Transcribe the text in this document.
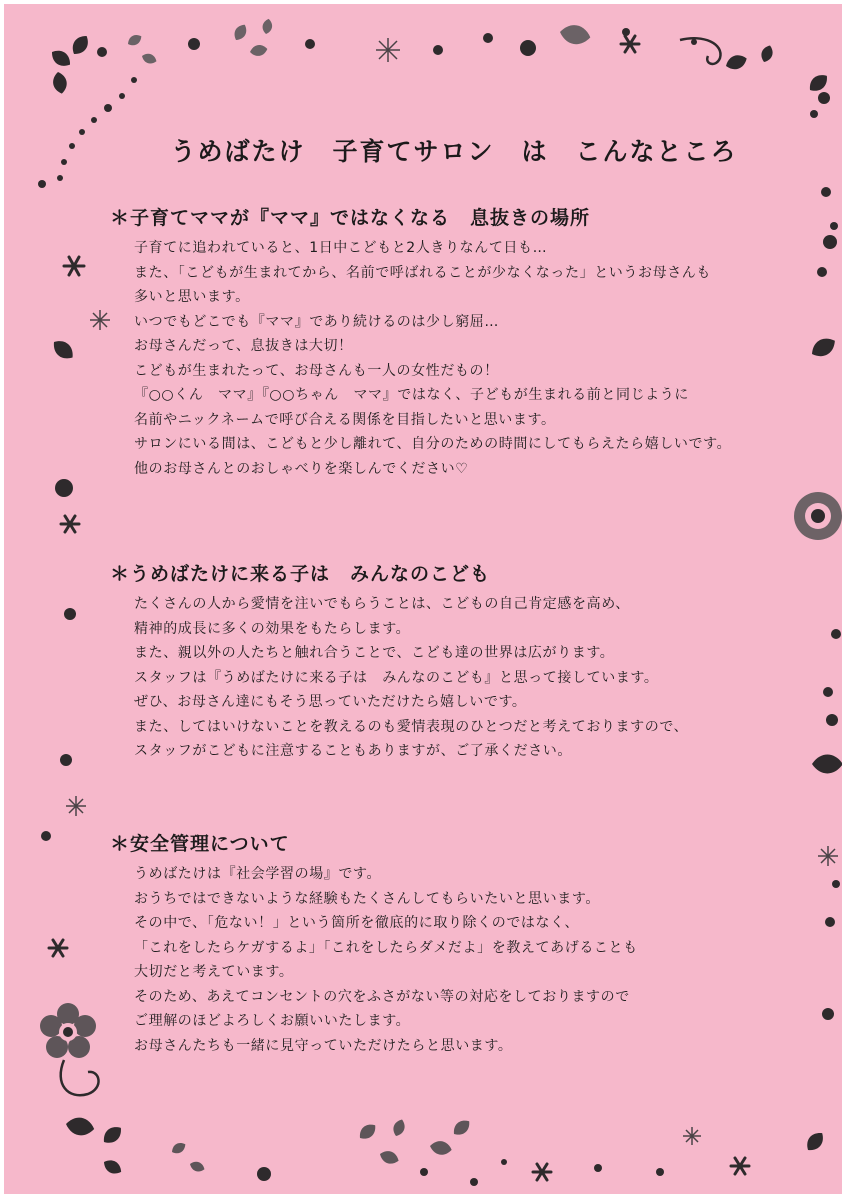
うめばたけ　子育てサロン　は　こんなところ
＊子育てママが『ママ』ではなくなる　息抜きの場所
子育てに追われていると、1日中こどもと2人きりなんて日も…
また、「こどもが生まれてから、名前で呼ばれることが少なくなった」というお母さんも
多いと思います。
いつでもどこでも『ママ』であり続けるのは少し窮屈…
お母さんだって、息抜きは大切！
こどもが生まれたって、お母さんも一人の女性だもの！
『○○くん　ママ』『○○ちゃん　ママ』ではなく、子どもが生まれる前と同じように
名前やニックネームで呼び合える関係を目指したいと思います。
サロンにいる間は、こどもと少し離れて、自分のための時間にしてもらえたら嬉しいです。
他のお母さんとのおしゃべりを楽しんでください♡
＊うめばたけに来る子は　みんなのこども
たくさんの人から愛情を注いでもらうことは、こどもの自己肯定感を高め、
精神的成長に多くの効果をもたらします。
また、親以外の人たちと触れ合うことで、こども達の世界は広がります。
スタッフは『うめばたけに来る子は　みんなのこども』と思って接しています。
ぜひ、お母さん達にもそう思っていただけたら嬉しいです。
また、してはいけないことを教えるのも愛情表現のひとつだと考えておりますので、
スタッフがこどもに注意することもありますが、ご了承ください。
＊安全管理について
うめばたけは『社会学習の場』です。
おうちではできないような経験もたくさんしてもらいたいと思います。
その中で、「危ない！」という箇所を徹底的に取り除くのではなく、
「これをしたらケガするよ」「これをしたらダメだよ」を教えてあげることも
大切だと考えています。
そのため、あえてコンセントの穴をふさがない等の対応をしておりますので
ご理解のほどよろしくお願いいたします。
お母さんたちも一緒に見守っていただけたらと思います。
